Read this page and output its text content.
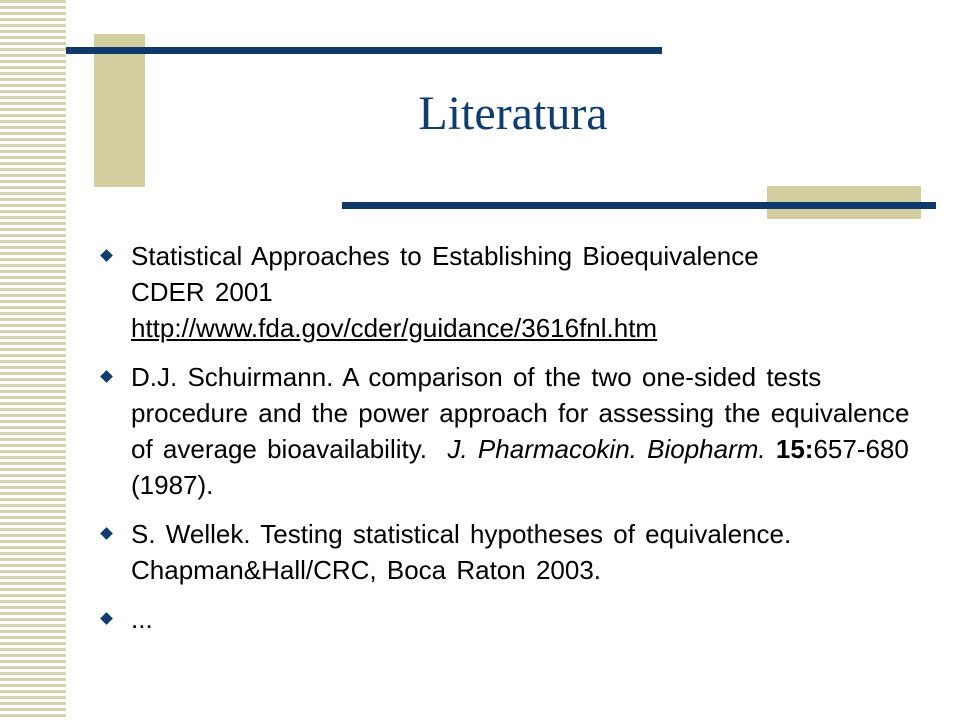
Literatura
Statistical Approaches to Establishing Bioequivalence
CDER 2001
http://www.fda.gov/cder/guidance/3616fnl.htm
D.J. Schuirmann. A comparison of the two one-sided tests procedure and the power approach for assessing the equivalence of average bioavailability. J. Pharmacokin. Biopharm. 15:657-680 (1987).
S. Wellek. Testing statistical hypotheses of equivalence. Chapman&Hall/CRC, Boca Raton 2003.
...
